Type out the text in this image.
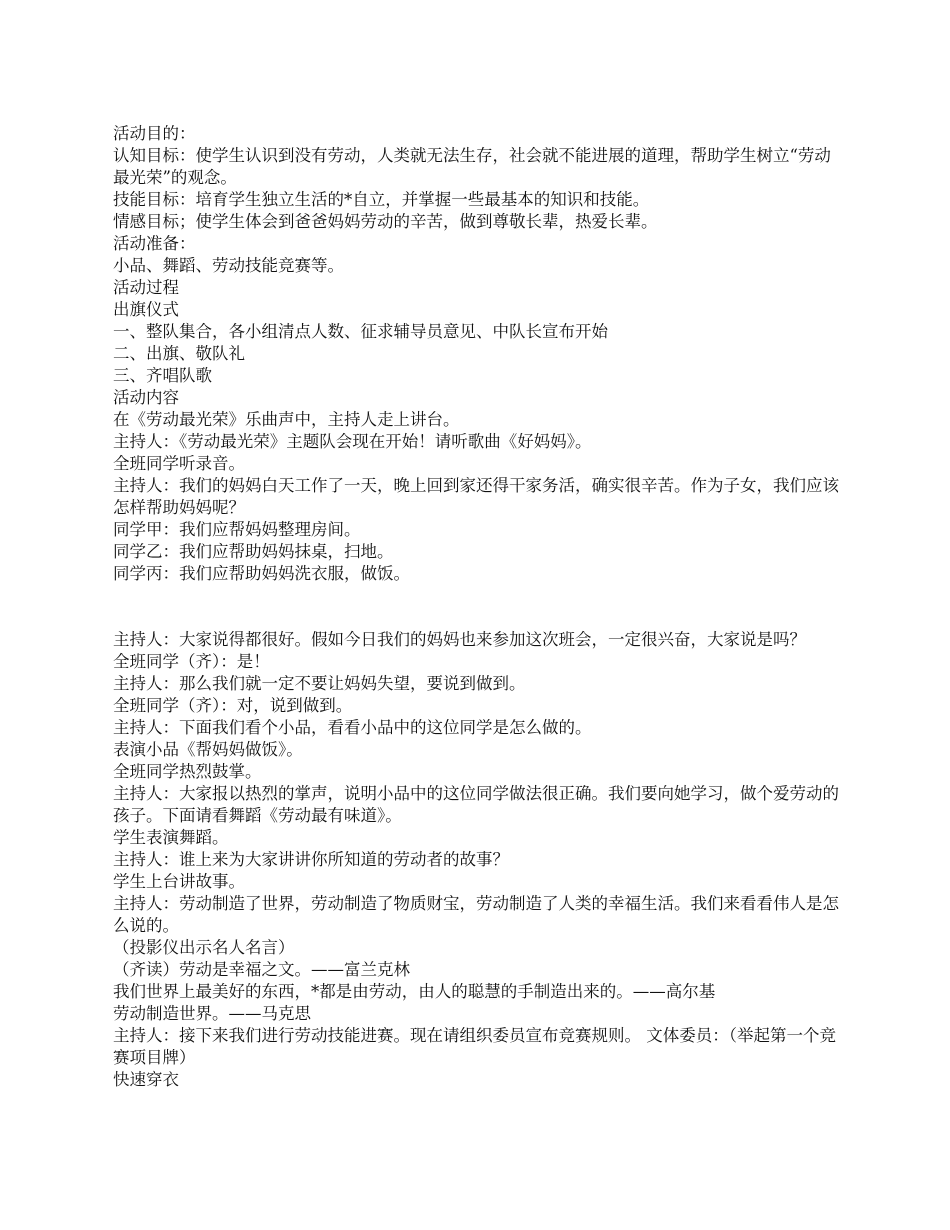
活动目的：

认知目标：使学生认识到没有劳动，人类就无法生存，社会就不能进展的道理，帮助学生树立“劳动最光荣”的观念。

技能目标：培育学生独立生活的*自立，并掌握一些最基本的知识和技能。

情感目标；使学生体会到爸爸妈妈劳动的辛苦，做到尊敬长辈，热爱长辈。

活动准备：

小品、舞蹈、劳动技能竞赛等。

活动过程

出旗仪式

一、整队集合，各小组清点人数、征求辅导员意见、中队长宣布开始

二、出旗、敬队礼

三、齐唱队歌

活动内容

在《劳动最光荣》乐曲声中，主持人走上讲台。

主持人：《劳动最光荣》主题队会现在开始！请听歌曲《好妈妈》。

全班同学听录音。

主持人：我们的妈妈白天工作了一天，晚上回到家还得干家务活，确实很辛苦。作为子女，我们应该怎样帮助妈妈呢？

同学甲：我们应帮妈妈整理房间。

同学乙：我们应帮助妈妈抹桌，扫地。

同学丙：我们应帮助妈妈洗衣服，做饭。

主持人：大家说得都很好。假如今日我们的妈妈也来参加这次班会，一定很兴奋，大家说是吗？

全班同学（齐）：是！

主持人：那么我们就一定不要让妈妈失望，要说到做到。

全班同学（齐）：对，说到做到。

主持人：下面我们看个小品，看看小品中的这位同学是怎么做的。

表演小品《帮妈妈做饭》。

全班同学热烈鼓掌。

主持人：大家报以热烈的掌声，说明小品中的这位同学做法很正确。我们要向她学习，做个爱劳动的孩子。下面请看舞蹈《劳动最有味道》。

学生表演舞蹈。

主持人：谁上来为大家讲讲你所知道的劳动者的故事？

学生上台讲故事。

主持人：劳动制造了世界，劳动制造了物质财宝，劳动制造了人类的幸福生活。我们来看看伟人是怎么说的。

（投影仪出示名人名言）

（齐读）劳动是幸福之文。——富兰克林

我们世界上最美好的东西，*都是由劳动，由人的聪慧的手制造出来的。——高尔基

劳动制造世界。——马克思

主持人：接下来我们进行劳动技能进赛。现在请组织委员宣布竞赛规则。 文体委员：（举起第一个竞赛项目牌）

快速穿衣
